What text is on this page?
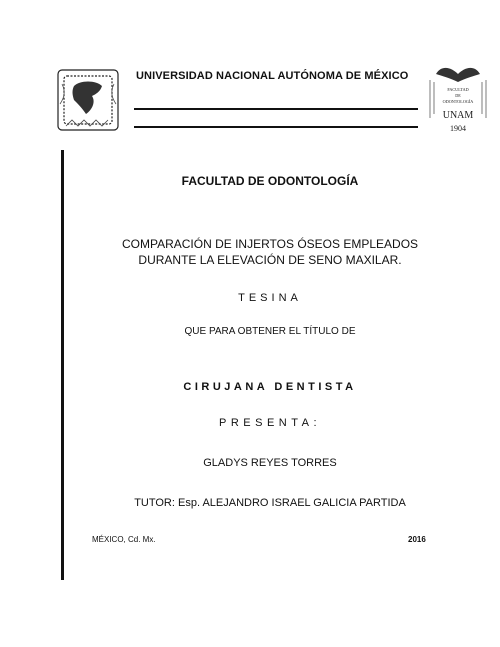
FACULTAD
DE
ODONTOLOGÍA
UNAM
1904
UNIVERSIDAD NACIONAL AUTÓNOMA DE MÉXICO
FACULTAD DE ODONTOLOGÍA
COMPARACIÓN DE INJERTOS ÓSEOS EMPLEADOS
DURANTE LA ELEVACIÓN DE SENO MAXILAR.
TESINA
QUE PARA OBTENER EL TÍTULO DE
CIRUJANA DENTISTA
PRESENTA:
GLADYS REYES TORRES
TUTOR: Esp. ALEJANDRO ISRAEL GALICIA PARTIDA
MÉXICO, Cd. Mx.	2016
